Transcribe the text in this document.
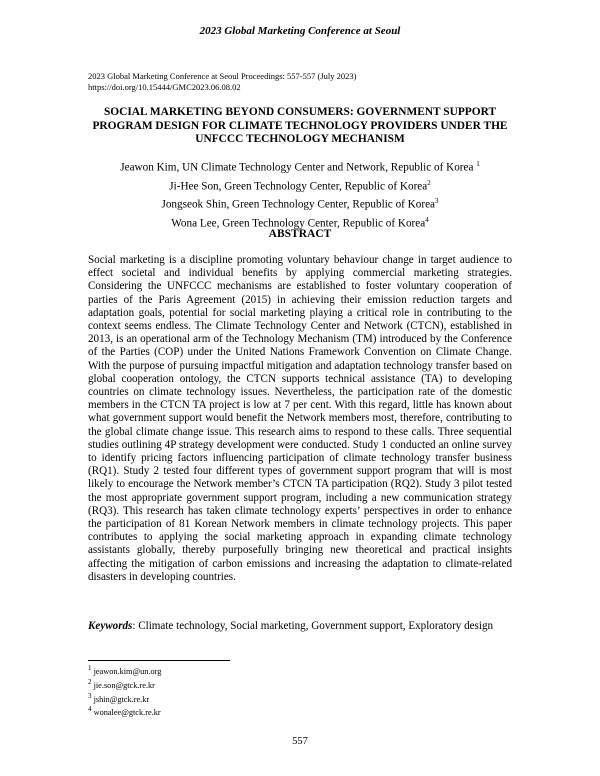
2023 Global Marketing Conference at Seoul
2023 Global Marketing Conference at Seoul Proceedings: 557-557 (July 2023)
https://doi.org/10.15444/GMC2023.06.08.02
SOCIAL MARKETING BEYOND CONSUMERS: GOVERNMENT SUPPORT PROGRAM DESIGN FOR CLIMATE TECHNOLOGY PROVIDERS UNDER THE UNFCCC TECHNOLOGY MECHANISM
Jeawon Kim, UN Climate Technology Center and Network, Republic of Korea $^1$
Ji-Hee Son, Green Technology Center, Republic of Korea$^2$
Jongseok Shin, Green Technology Center, Republic of Korea$^3$
Wona Lee, Green Technology Center, Republic of Korea$^4$
ABSTRACT

Social marketing is a discipline promoting voluntary behaviour change in target audience to effect societal and individual benefits by applying commercial marketing strategies. Considering the UNFCCC mechanisms are established to foster voluntary cooperation of parties of the Paris Agreement (2015) in achieving their emission reduction targets and adaptation goals, potential for social marketing playing a critical role in contributing to the context seems endless. The Climate Technology Center and Network (CTCN), established in 2013, is an operational arm of the Technology Mechanism (TM) introduced by the Conference of the Parties (COP) under the United Nations Framework Convention on Climate Change. With the purpose of pursuing impactful mitigation and adaptation technology transfer based on global cooperation ontology, the CTCN supports technical assistance (TA) to developing countries on climate technology issues. Nevertheless, the participation rate of the domestic members in the CTCN TA project is low at 7 per cent. With this regard, little has known about what government support would benefit the Network members most, therefore, contributing to the global climate change issue. This research aims to respond to these calls. Three sequential studies outlining 4P strategy development were conducted. Study 1 conducted an online survey to identify pricing factors influencing participation of climate technology transfer business (RQ1). Study 2 tested four different types of government support program that will is most likely to encourage the Network member’s CTCN TA participation (RQ2). Study 3 pilot tested the most appropriate government support program, including a new communication strategy (RQ3). This research has taken climate technology experts’ perspectives in order to enhance the participation of 81 Korean Network members in climate technology projects. This paper contributes to applying the social marketing approach in expanding climate technology assistants globally, thereby purposefully bringing new theoretical and practical insights affecting the mitigation of carbon emissions and increasing the adaptation to climate-related disasters in developing countries.

Keywords: Climate technology, Social marketing, Government support, Exploratory design
$^1$ jeawon.kim@un.org
$^2$ jie.son@gtck.re.kr
$^3$ jshin@gtck.re.kr
$^4$ wonalee@gtck.re.kr
557
